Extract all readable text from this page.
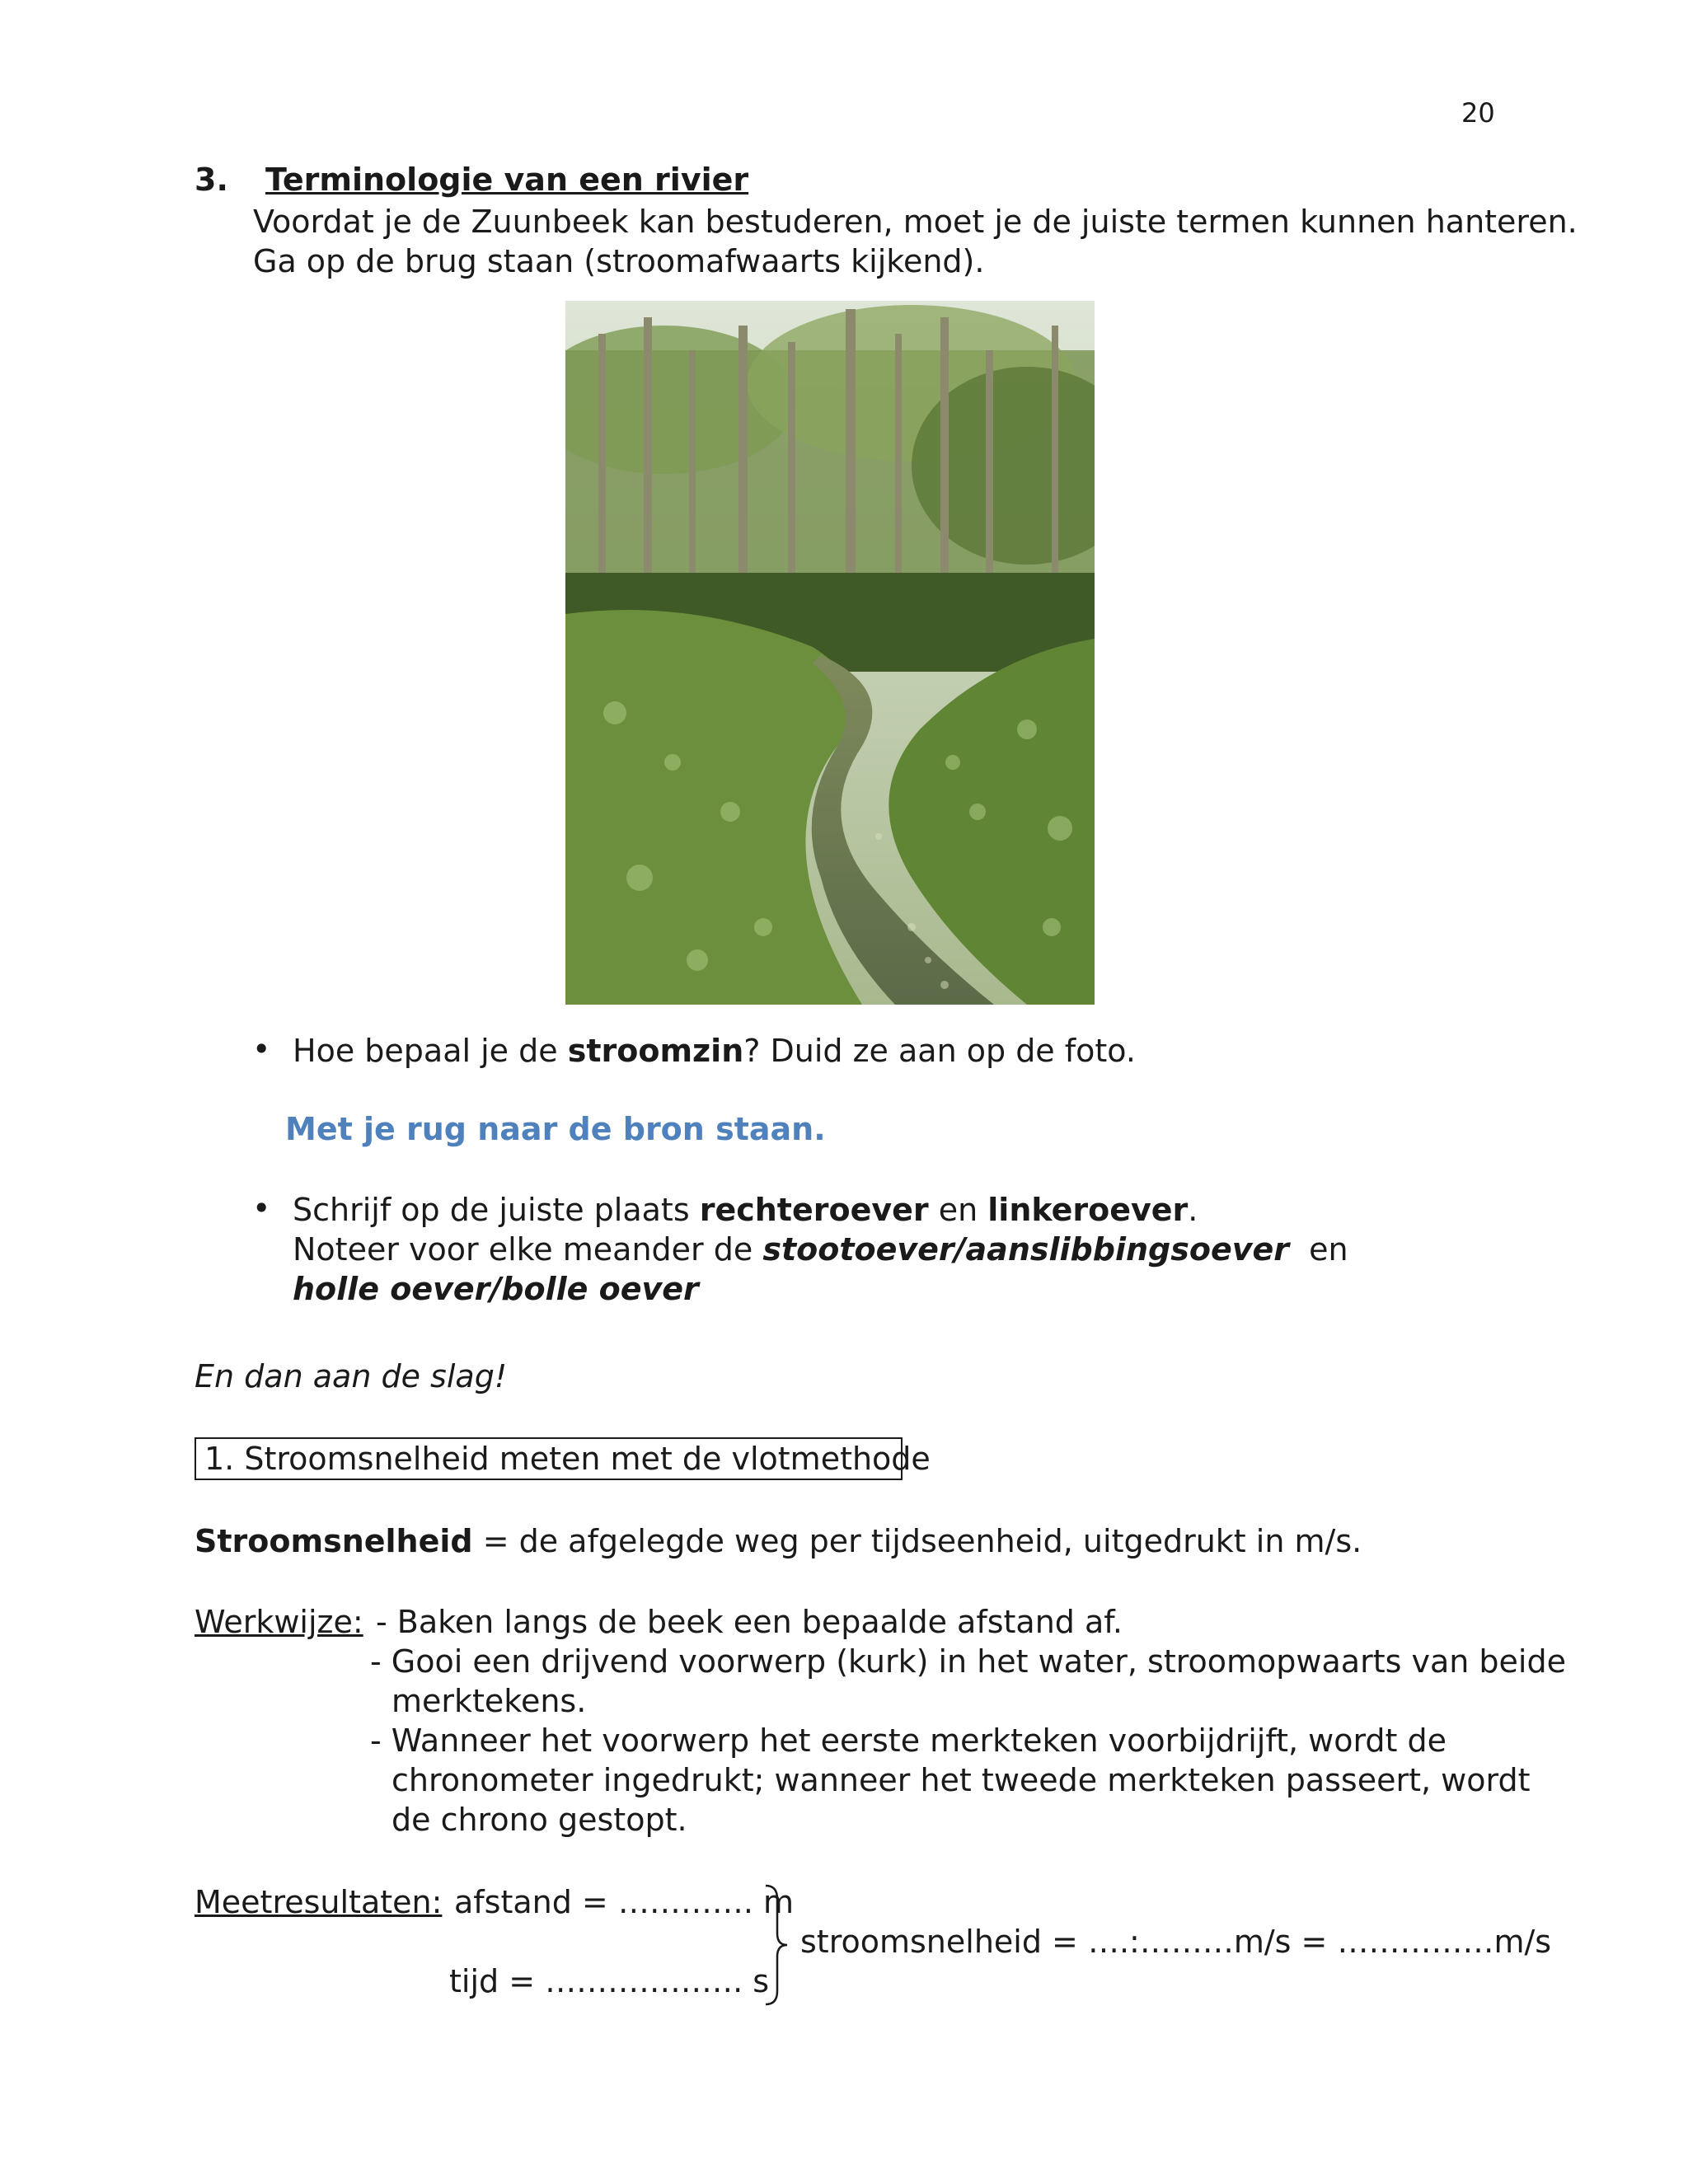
20
3. Terminologie van een rivier
Voordat je de Zuunbeek kan bestuderen, moet je de juiste termen kunnen hanteren.
Ga op de brug staan (stroomafwaarts kijkend).
• Hoe bepaal je de stroomzin? Duid ze aan op de foto.
Met je rug naar de bron staan.
• Schrijf op de juiste plaats rechteroever en linkeroever.
Noteer voor elke meander de stootoever/aanslibbingsoever  en
holle oever/bolle oever
En dan aan de slag!
1. Stroomsnelheid meten met de vlotmethode
Stroomsnelheid = de afgelegde weg per tijdseenheid, uitgedrukt in m/s.
Werkwijze: - Baken langs de beek een bepaalde afstand af.
- Gooi een drijvend voorwerp (kurk) in het water, stroomopwaarts van beide
merktekens.
- Wanneer het voorwerp het eerste merkteken voorbijdrijft, wordt de
chronometer ingedrukt; wanneer het tweede merkteken passeert, wordt
de chrono gestopt.
Meetresultaten: afstand = …………. m
tijd = ………………. s
stroomsnelheid = ….:………m/s = ……………m/s
